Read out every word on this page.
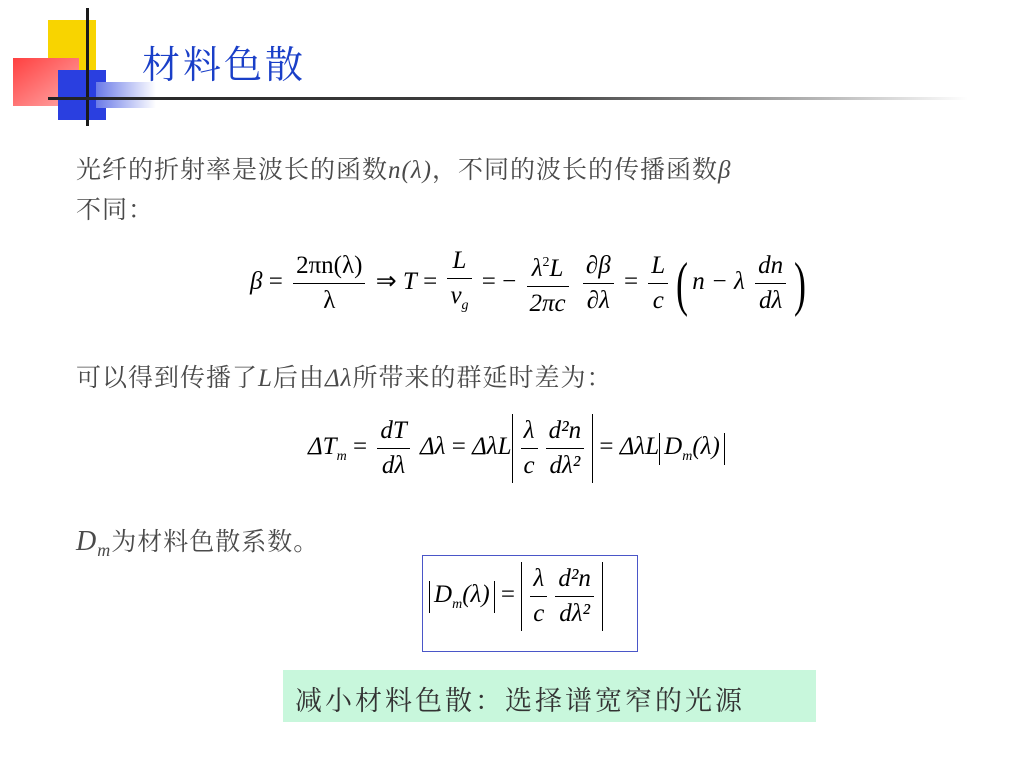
材料色散
光纤的折射率是波长的函数n(λ)，不同的波长的传播函数β
不同：
$\beta = \frac{2\pi n(\lambda)}{\lambda}$ ⇒ $T = \frac{L}{v_g}$ = − $\frac{\lambda^2L}{2\pi c}$
$\frac{\partial\beta}{\partial\lambda} = \frac{L}{c}$ ( n − λ $\frac{dn}{d\lambda}$ )
可以得到传播了L后由Δλ所带来的群延时差为：
$\Delta T_m = \frac{dT}{d\lambda}$ Δλ = ΔλL $\frac{\lambda}{c} \frac{\text{d²n}}{\text{dλ²}} = \Delta\lambda L$ $D_m(\lambda)$
$D_m$为材料色散系数。
$D_m(\lambda) = \frac{\lambda}{c} \frac{\text{d²n}}{\text{dλ²}}$
减小材料色散：选择谱宽窄的光源
